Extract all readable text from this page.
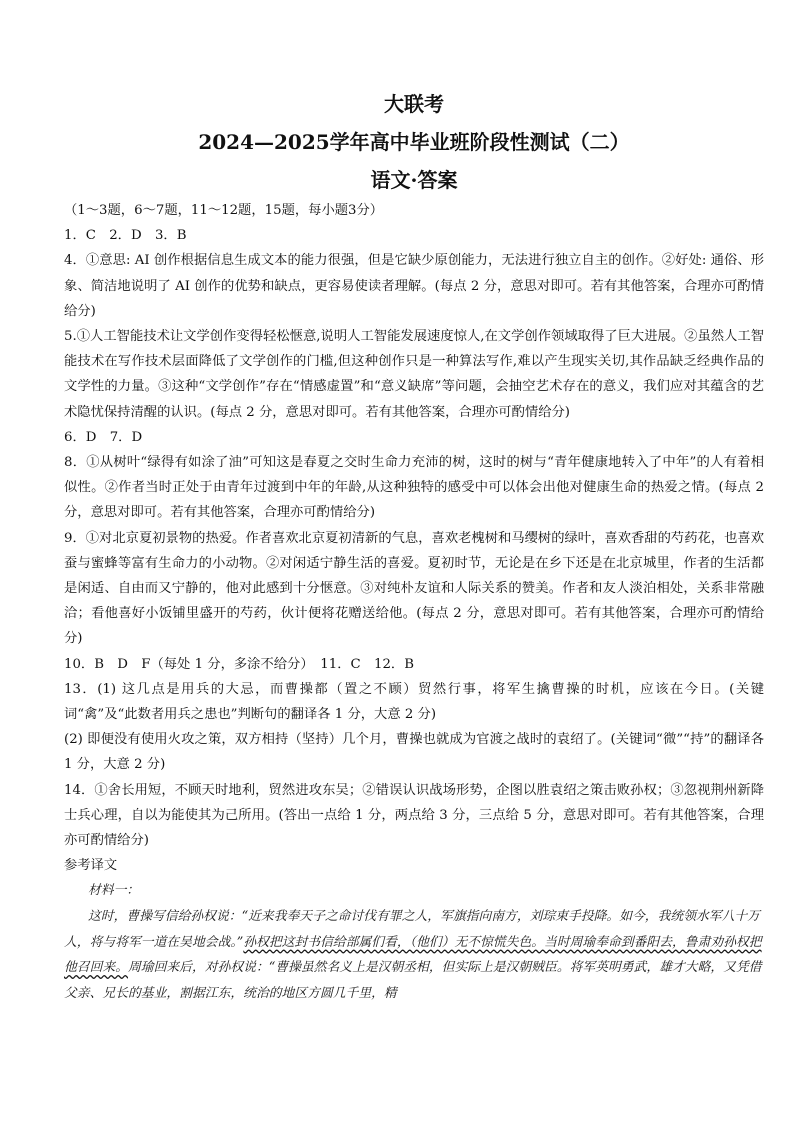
大联考
2024—2025学年高中毕业班阶段性测试（二）
语文·答案

（1～3题，6～7题，11～12题，15题，每小题3分）

1．C　2．D　3．B

4．①意思: AI 创作根据信息生成文本的能力很强，但是它缺少原创能力，无法进行独立自主的创作。②好处: 通俗、形象、简洁地说明了 AI 创作的优势和缺点，更容易使读者理解。(每点 2 分，意思对即可。若有其他答案，合理亦可酌情给分)

5.①人工智能技术让文学创作变得轻松惬意,说明人工智能发展速度惊人,在文学创作领域取得了巨大进展。②虽然人工智能技术在写作技术层面降低了文学创作的门槛,但这种创作只是一种算法写作,难以产生现实关切,其作品缺乏经典作品的文学性的力量。③这种“文学创作”存在“情感虚置”和“意义缺席”等问题，会抽空艺术存在的意义，我们应对其蕴含的艺术隐忧保持清醒的认识。(每点 2 分，意思对即可。若有其他答案，合理亦可酌情给分)

6．D　7．D

8．①从树叶“绿得有如涂了油”可知这是春夏之交时生命力充沛的树，这时的树与“青年健康地转入了中年”的人有着相似性。②作者当时正处于由青年过渡到中年的年龄,从这种独特的感受中可以体会出他对健康生命的热爱之情。(每点 2 分，意思对即可。若有其他答案，合理亦可酌情给分)

9．①对北京夏初景物的热爱。作者喜欢北京夏初清新的气息，喜欢老槐树和马缨树的绿叶，喜欢香甜的芍药花，也喜欢蚕与蜜蜂等富有生命力的小动物。②对闲适宁静生活的喜爱。夏初时节，无论是在乡下还是在北京城里，作者的生活都是闲适、自由而又宁静的，他对此感到十分惬意。③对纯朴友谊和人际关系的赞美。作者和友人淡泊相处，关系非常融洽；看他喜好小饭铺里盛开的芍药，伙计便将花赠送给他。(每点 2 分，意思对即可。若有其他答案，合理亦可酌情给分)

10．B　D　F（每处 1 分，多涂不给分）　11．C　12．B

13．(1) 这几点是用兵的大忌，而曹操都（置之不顾）贸然行事，将军生擒曹操的时机，应该在今日。(关键词“禽”及“此数者用兵之患也”判断句的翻译各 1 分，大意 2 分)

(2) 即便没有使用火攻之策，双方相持（坚持）几个月，曹操也就成为官渡之战时的袁绍了。(关键词“微”“持”的翻译各 1 分，大意 2 分)

14．①舍长用短，不顾天时地利，贸然进攻东吴；②错误认识战场形势，企图以胜袁绍之策击败孙权；③忽视荆州新降士兵心理，自以为能使其为己所用。(答出一点给 1 分，两点给 3 分，三点给 5 分，意思对即可。若有其他答案，合理亦可酌情给分)

参考译文

材料一：

这时，曹操写信给孙权说：“近来我奉天子之命讨伐有罪之人，军旗指向南方，刘琮束手投降。如今，我统领水军八十万人，将与将军一道在吴地会战。”孙权把这封书信给部属们看，（他们）无不惊慌失色。当时周瑜奉命到番阳去，鲁肃劝孙权把他召回来。周瑜回来后，对孙权说：“曹操虽然名义上是汉朝丞相，但实际上是汉朝贼臣。将军英明勇武，雄才大略，又凭借父亲、兄长的基业，割据江东，统治的地区方圆几千里，精
